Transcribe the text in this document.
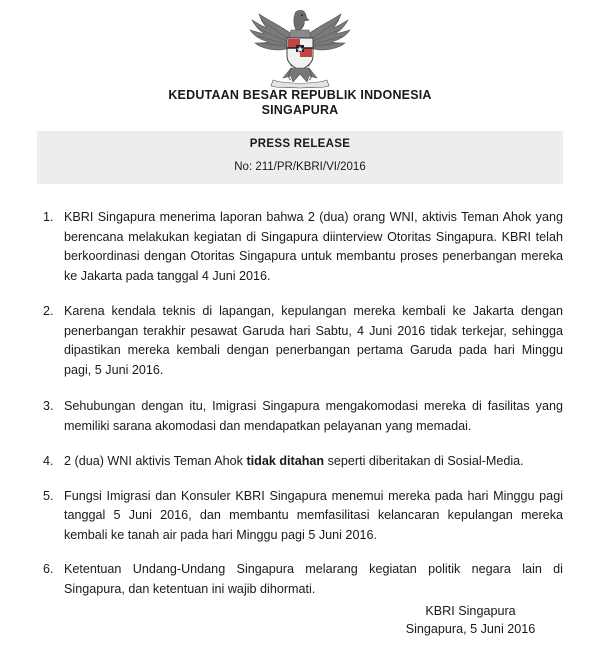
KEDUTAAN BESAR REPUBLIK INDONESIA
SINGAPURA
PRESS RELEASE
No: 211/PR/KBRI/VI/2016
1. KBRI Singapura menerima laporan bahwa 2 (dua) orang WNI, aktivis Teman Ahok yang berencana melakukan kegiatan di Singapura diinterview Otoritas Singapura. KBRI telah berkoordinasi dengan Otoritas Singapura untuk membantu proses penerbangan mereka ke Jakarta pada tanggal 4 Juni 2016.
2. Karena kendala teknis di lapangan, kepulangan mereka kembali ke Jakarta dengan penerbangan terakhir pesawat Garuda hari Sabtu, 4 Juni 2016 tidak terkejar, sehingga dipastikan mereka kembali dengan penerbangan pertama Garuda pada hari Minggu pagi, 5 Juni 2016.
3. Sehubungan dengan itu, Imigrasi Singapura mengakomodasi mereka di fasilitas yang memiliki sarana akomodasi dan mendapatkan pelayanan yang memadai.
4. 2 (dua) WNI aktivis Teman Ahok tidak ditahan seperti diberitakan di Sosial-Media.
5. Fungsi Imigrasi dan Konsuler KBRI Singapura menemui mereka pada hari Minggu pagi tanggal 5 Juni 2016, dan membantu memfasilitasi kelancaran kepulangan mereka kembali ke tanah air pada hari Minggu pagi 5 Juni 2016.
6. Ketentuan Undang-Undang Singapura melarang kegiatan politik negara lain di Singapura, dan ketentuan ini wajib dihormati.
KBRI Singapura
Singapura, 5 Juni 2016
